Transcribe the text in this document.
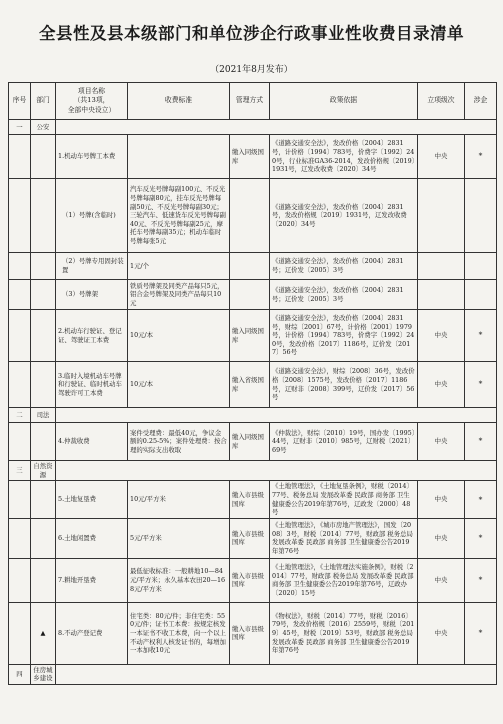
全县性及县本级部门和单位涉企行政事业性收费目录清单
（2021年8月发布）
序号	部门	项目名称
（共13项，
全部中央设立）	收费标准	管理方式	政策依据	立项级次	涉企
一	公安						
		1.机动车号牌工本费		缴入同级国库	《道路交通安全法》，发改价格〔2004〕2831号，计价格〔1994〕783号，价费字〔1992〕240号，行业标准GA36-2014，发改价格规〔2019〕1931号，辽发改收费〔2020〕34号	中央	*
		（1）号牌(含临时)	汽车反光号牌每副100元、不反光号牌每副80元，挂车反光号牌每副50元、不反光号牌每副30元；三轮汽车、低速货车反光号牌每副40元、不反光号牌每副25元，摩托车号牌每副35元；机动车临时号牌每张5元		《道路交通安全法》，发改价格〔2004〕2831号，发改价格规〔2019〕1931号，辽发改收费〔2020〕34号		
		（2）号牌专用固封装置	1元/个		《道路交通安全法》，发改价格〔2004〕2831号；辽价发〔2005〕3号		
		（3）号牌架	铁质号牌架及同类产品每只5元，铝合金号牌架及同类产品每只10元		《道路交通安全法》，发改价格〔2004〕2831号；辽价发〔2005〕3号		
		2.机动车行驶证、登记证、驾驶证工本费	10元/本	缴入同级国库	《道路交通安全法》，发改价格〔2004〕2831号，财综〔2001〕67号，计价格〔2001〕1979号，计价格〔1994〕783号，价费字〔1992〕240号，发改价格〔2017〕1186号，辽价发〔2017〕56号	中央	*
		3.临时入境机动车号牌和行驶证、临时机动车驾驶许可工本费	10元/本	缴入省级国库	《道路交通安全法》，财综〔2008〕36号，发改价格〔2008〕1575号，发改价格〔2017〕1186号，辽财非〔2008〕399号，辽价发〔2017〕56号	中央	*
二	司法						
		4.仲裁收费	案件受理费：最低40元，争议金额的0.25-5%；案件处理费：按合理的实际支出收取	缴入同级国库	《仲裁法》，财综〔2010〕19号，国办发〔1995〕44号，辽财非〔2010〕985号，辽财税〔2021〕69号	中央	*
三	自然资源						
		5.土地复垦费	10元/平方米	缴入市县级国库	《土地管理法》，《土地复垦条例》，财税〔2014〕77号、税务总局 发展改革委 民政部 商务部 卫生健康委公告2019年第76号，辽政发〔2000〕48号	中央	*
		6.土地闲置费	5元/平方米	缴入市县级国库	《土地管理法》，《城市房地产管理法》，国发〔2008〕3号，财税〔2014〕77号，财政部 税务总局 发展改革委 民政部 商务部 卫生健康委公告2019年第76号	中央	*
		7.耕地开垦费	最低征收标准：一般耕地10—84元/平方米；永久基本农田20—168元/平方米	缴入市县级国库	《土地管理法》，《土地管理法实施条例》，财税〔2014〕77号，财政部 税务总局 发展改革委 民政部 商务部 卫生健康委公告2019年第76号，辽政办〔2020〕15号	中央	*
	▲	8.不动产登记费	住宅类：80元/件；非住宅类：550元/件；证书工本费：按规定核发一本证书不收工本费，向一个以上不动产权利人核发证书的，每增加一本加收10元	缴入市县级国库	《物权法》，财税〔2014〕77号，财税〔2016〕79号，发改价格规〔2016〕2559号，财税〔2019〕45号，财税〔2019〕53号，财政部 税务总局 发展改革委 民政部 商务部 卫生健康委公告2019年第76号	中央	*
四	住房城乡建设						
